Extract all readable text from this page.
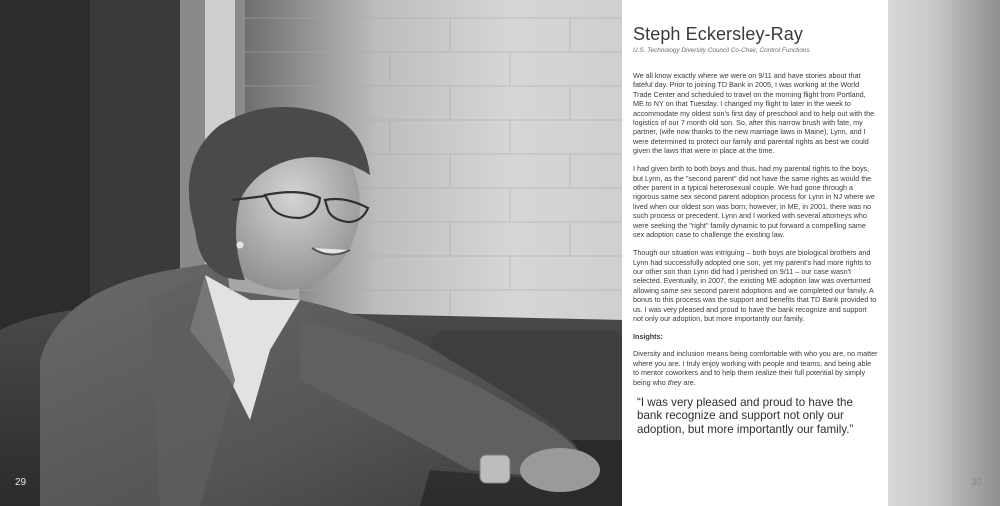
29
Steph Eckersley-Ray

U.S. Technology Diversity Council Co-Chair, Control Functions

We all know exactly where we were on 9/11 and have stories about that fateful day. Prior to joining TD Bank in 2005, I was working at the World Trade Center and scheduled to travel on the morning flight from Portland, ME to NY on that Tuesday. I changed my flight to later in the week to accommodate my oldest son's first day of preschool and to help out with the logistics of our 7 month old son. So, after this narrow brush with fate, my partner, (wife now thanks to the new marriage laws in Maine), Lynn, and I were determined to protect our family and parental rights as best we could given the laws that were in place at the time.

I had given birth to both boys and thus, had my parental rights to the boys, but Lynn, as the "second parent" did not have the same rights as would the other parent in a typical heterosexual couple. We had gone through a rigorous same sex second parent adoption process for Lynn in NJ where we lived when our oldest son was born; however, in ME, in 2001, there was no such process or precedent. Lynn and I worked with several attorneys who were seeking the "right" family dynamic to put forward a compelling same sex adoption case to challenge the existing law.

Though our situation was intriguing – both boys are biological brothers and Lynn had successfully adopted one son, yet my parent's had more rights to our other son than Lynn did had I perished on 9/11 – our case wasn't selected. Eventually, in 2007, the existing ME adoption law was overturned allowing same sex second parent adoptions and we completed our family. A bonus to this process was the support and benefits that TD Bank provided to us. I was very pleased and proud to have the bank recognize and support not only our adoption, but more importantly our family.

Insights:

Diversity and inclusion means being comfortable with who you are, no matter where you are. I truly enjoy working with people and teams, and being able to mentor coworkers and to help them realize their full potential by simply being who they are.

“I was very pleased and proud to have the bank recognize and support not only our adoption, but more importantly our family.”

30
